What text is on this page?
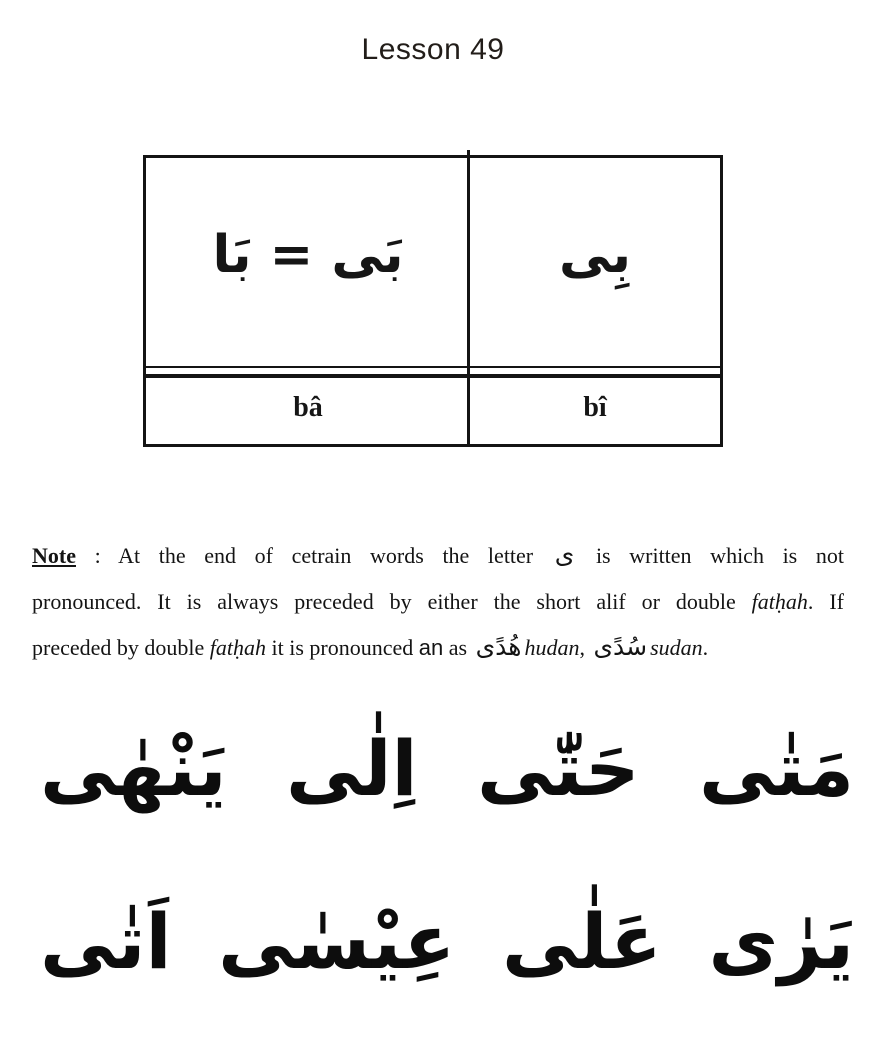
Lesson 49
بَى = بَا	بِى
bâ	bî
Note : At the end of cetrain words the letter ى is written which is not
pronounced. It is always preceded by either the short alif or double fatḥah. If
preceded by double fatḥah it is pronounced an as هُدًى hudan, سُدًى sudan.
مَتٰى
حَتّٰى
اِلٰى
يَنْهٰى
يَرٰى
عَلٰى
عِيْسٰى
اَتٰى
